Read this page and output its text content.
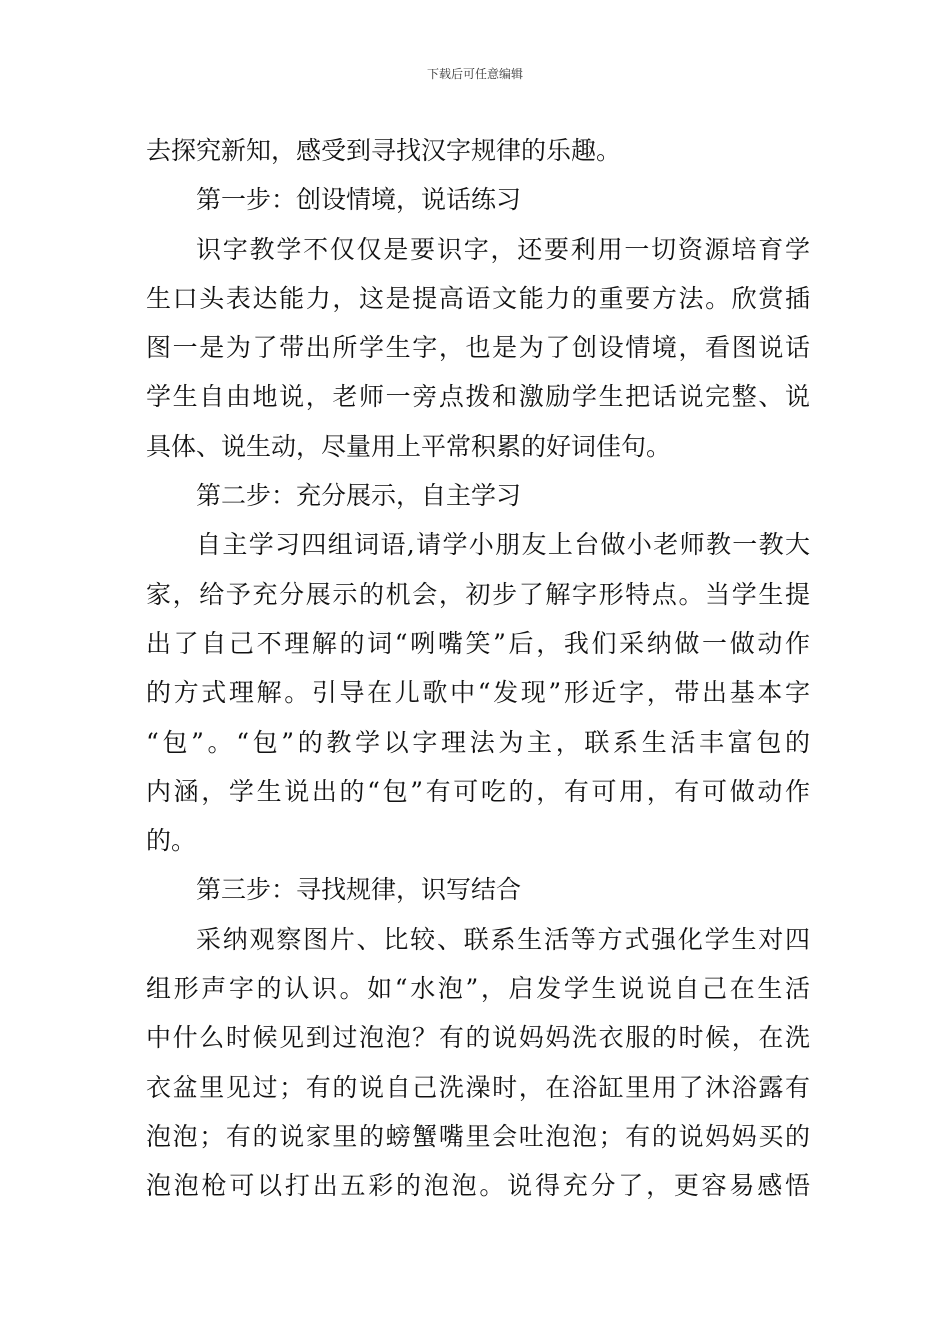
下载后可任意编辑
去探究新知，感受到寻找汉字规律的乐趣。
第一步：创设情境，说话练习
识字教学不仅仅是要识字，还要利用一切资源培育学
生口头表达能力，这是提高语文能力的重要方法。欣赏插
图一是为了带出所学生字，也是为了创设情境，看图说话
学生自由地说，老师一旁点拨和激励学生把话说完整、说
具体、说生动，尽量用上平常积累的好词佳句。
第二步：充分展示，自主学习
自主学习四组词语,请学小朋友上台做小老师教一教大
家，给予充分展示的机会，初步了解字形特点。当学生提
出了自己不理解的词“咧嘴笑”后，我们采纳做一做动作
的方式理解。引导在儿歌中“发现”形近字，带出基本字
“包”。“包”的教学以字理法为主，联系生活丰富包的
内涵，学生说出的“包”有可吃的，有可用，有可做动作
的。
第三步：寻找规律，识写结合
采纳观察图片、比较、联系生活等方式强化学生对四
组形声字的认识。如“水泡”，启发学生说说自己在生活
中什么时候见到过泡泡？有的说妈妈洗衣服的时候，在洗
衣盆里见过；有的说自己洗澡时，在浴缸里用了沐浴露有
泡泡；有的说家里的螃蟹嘴里会吐泡泡；有的说妈妈买的
泡泡枪可以打出五彩的泡泡。说得充分了，更容易感悟
